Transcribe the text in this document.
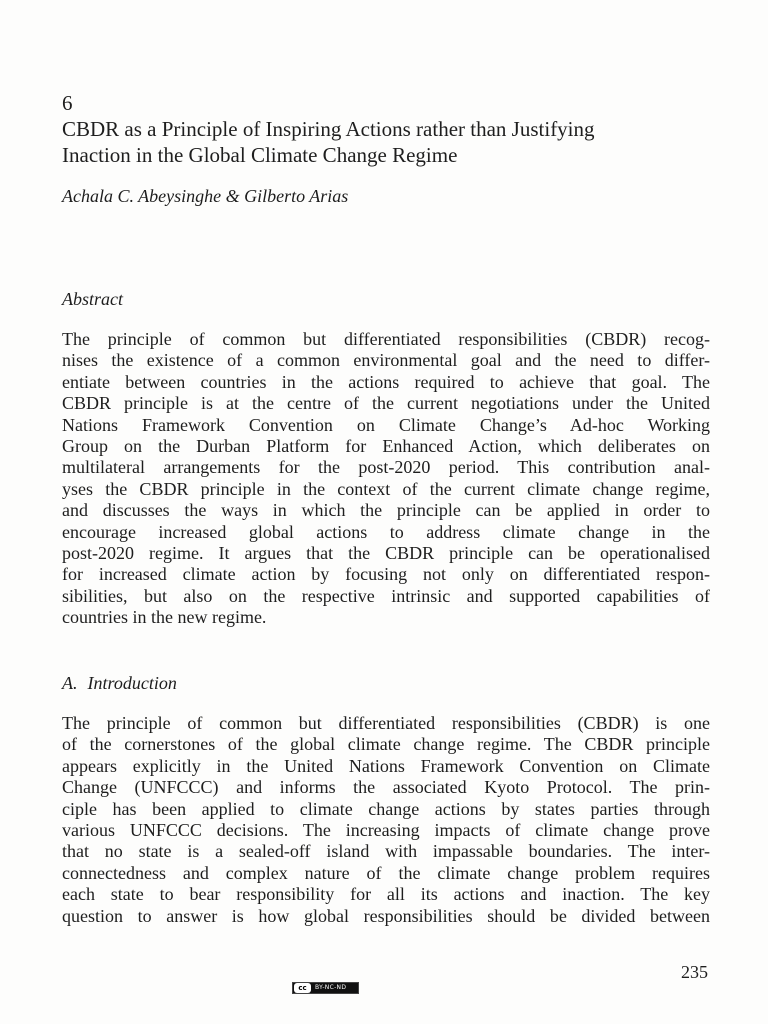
6
CBDR as a Principle of Inspiring Actions rather than Justifying
Inaction in the Global Climate Change Regime
Achala C. Abeysinghe & Gilberto Arias
Abstract
The principle of common but differentiated responsibilities (CBDR) recog-
nises the existence of a common environmental goal and the need to differ-
entiate between countries in the actions required to achieve that goal. The
CBDR principle is at the centre of the current negotiations under the United
Nations Framework Convention on Climate Change’s Ad-hoc Working
Group on the Durban Platform for Enhanced Action, which deliberates on
multilateral arrangements for the post-2020 period. This contribution anal-
yses the CBDR principle in the context of the current climate change regime,
and discusses the ways in which the principle can be applied in order to
encourage increased global actions to address climate change in the
post-2020 regime. It argues that the CBDR principle can be operationalised
for increased climate action by focusing not only on differentiated respon-
sibilities, but also on the respective intrinsic and supported capabilities of
countries in the new regime.
A. Introduction
The principle of common but differentiated responsibilities (CBDR) is one
of the cornerstones of the global climate change regime. The CBDR principle
appears explicitly in the United Nations Framework Convention on Climate
Change (UNFCCC) and informs the associated Kyoto Protocol. The prin-
ciple has been applied to climate change actions by states parties through
various UNFCCC decisions. The increasing impacts of climate change prove
that no state is a sealed-off island with impassable boundaries. The inter-
connectedness and complex nature of the climate change problem requires
each state to bear responsibility for all its actions and inaction. The key
question to answer is how global responsibilities should be divided between
235
cc	BY-NC-ND
